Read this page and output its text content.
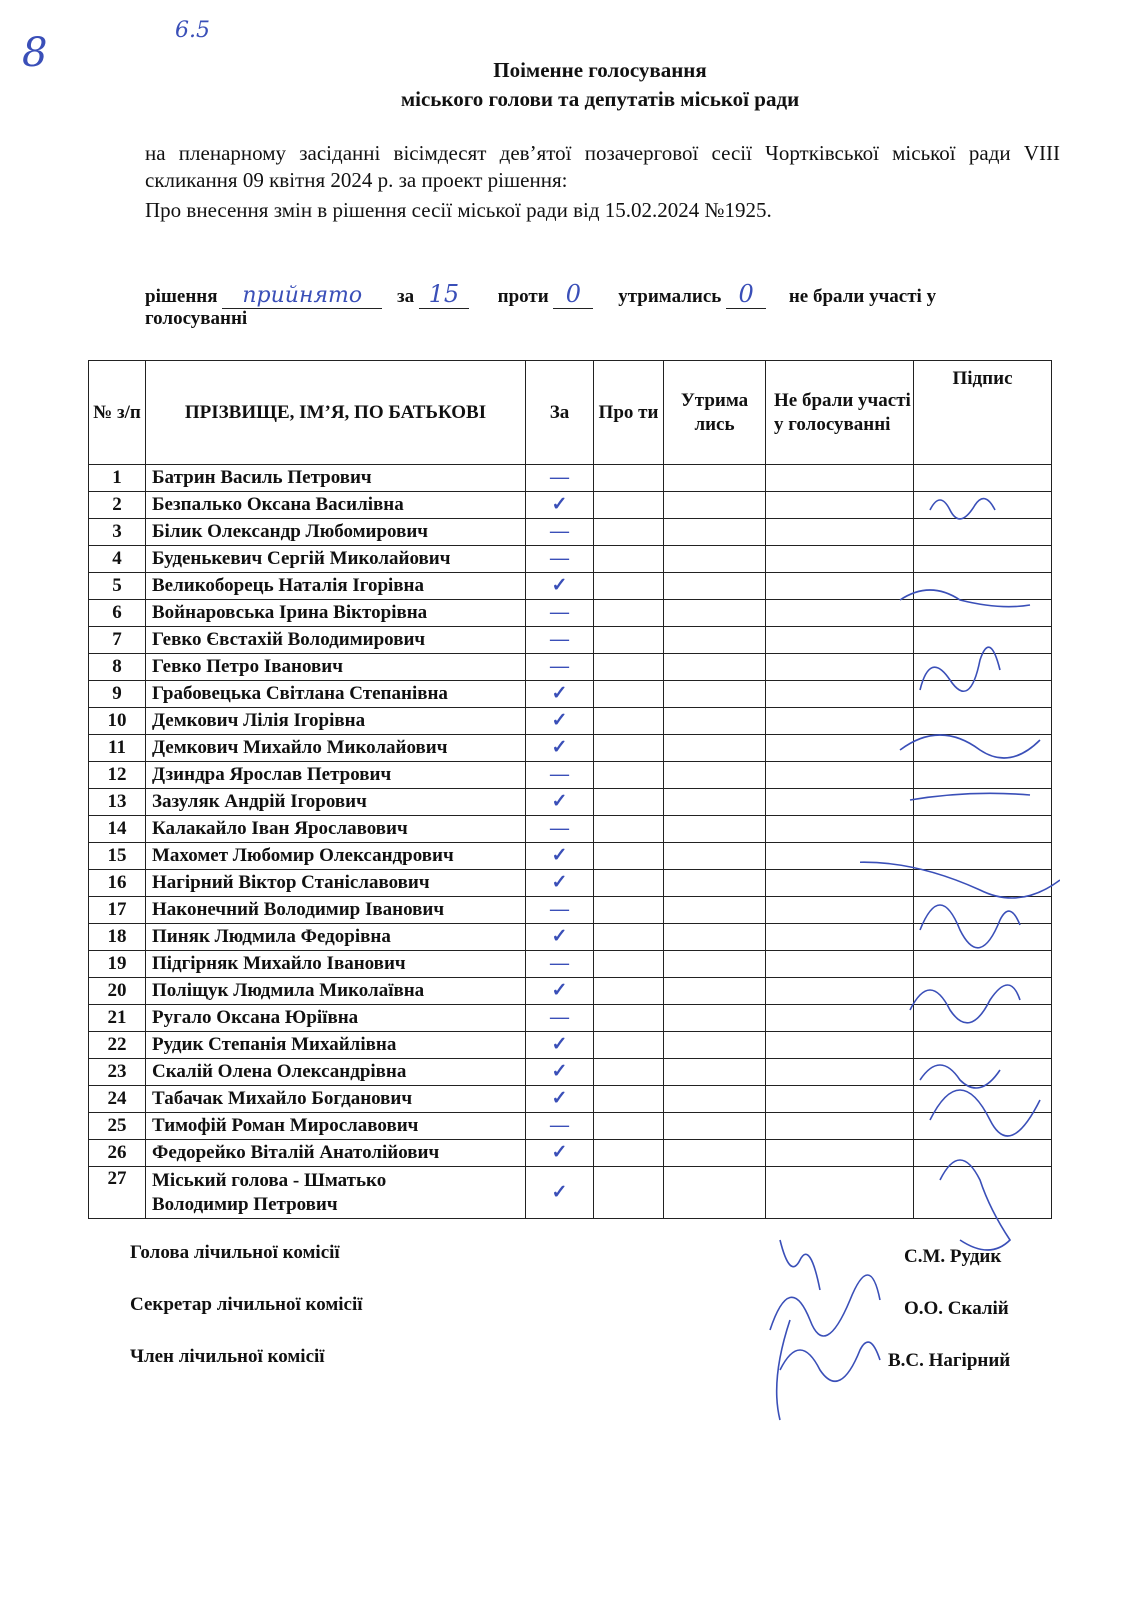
8	6.5
Поіменне голосування
міського голови та депутатів міської ради
на пленарному засіданні вісімдесят дев’ятої позачергової сесії Чортківської міської ради VIII скликання 09 квітня 2024 р. за проект рішення:
Про внесення змін в рішення сесії міської ради від 15.02.2024 №1925.
рішення прийнято за 15 проти 0 утримались 0 не брали участі у
голосуванні
№ з/п	ПРІЗВИЩЕ, ІМ’Я, ПО БАТЬКОВІ	За	Про ти	Утрима лись	Не брали участі у голосуванні	Підпис
1	Батрин Василь Петрович	—				
2	Безпалько Оксана Василівна	✓				
3	Білик Олександр Любомирович	—				
4	Буденькевич Сергій Миколайович	—				
5	Великоборець Наталія Ігорівна	✓				
6	Войнаровська Ірина Вікторівна	—				
7	Гевко Євстахій Володимирович	—				
8	Гевко Петро Іванович	—				
9	Грабовецька Світлана Степанівна	✓				
10	Демкович Лілія Ігорівна	✓				
11	Демкович Михайло Миколайович	✓				
12	Дзиндра Ярослав Петрович	—				
13	Зазуляк Андрій Ігорович	✓				
14	Калакайло Іван Ярославович	—				
15	Махомет Любомир Олександрович	✓				
16	Нагірний Віктор Станіславович	✓				
17	Наконечний Володимир Іванович	—				
18	Пиняк Людмила Федорівна	✓				
19	Підгірняк Михайло Іванович	—				
20	Поліщук Людмила Миколаївна	✓				
21	Ругало Оксана Юріївна	—				
22	Рудик Степанія Михайлівна	✓				
23	Скалій Олена Олександрівна	✓				
24	Табачак Михайло Богданович	✓				
25	Тимофій Роман Мирославович	—				
26	Федорейко Віталій Анатолійович	✓				
27	Міський голова - Шматько
Володимир Петрович	✓				
Голова лічильної комісії	С.М. Рудик
Секретар лічильної комісії	О.О. Скалій
Член лічильної комісії	В.С. Нагірний
